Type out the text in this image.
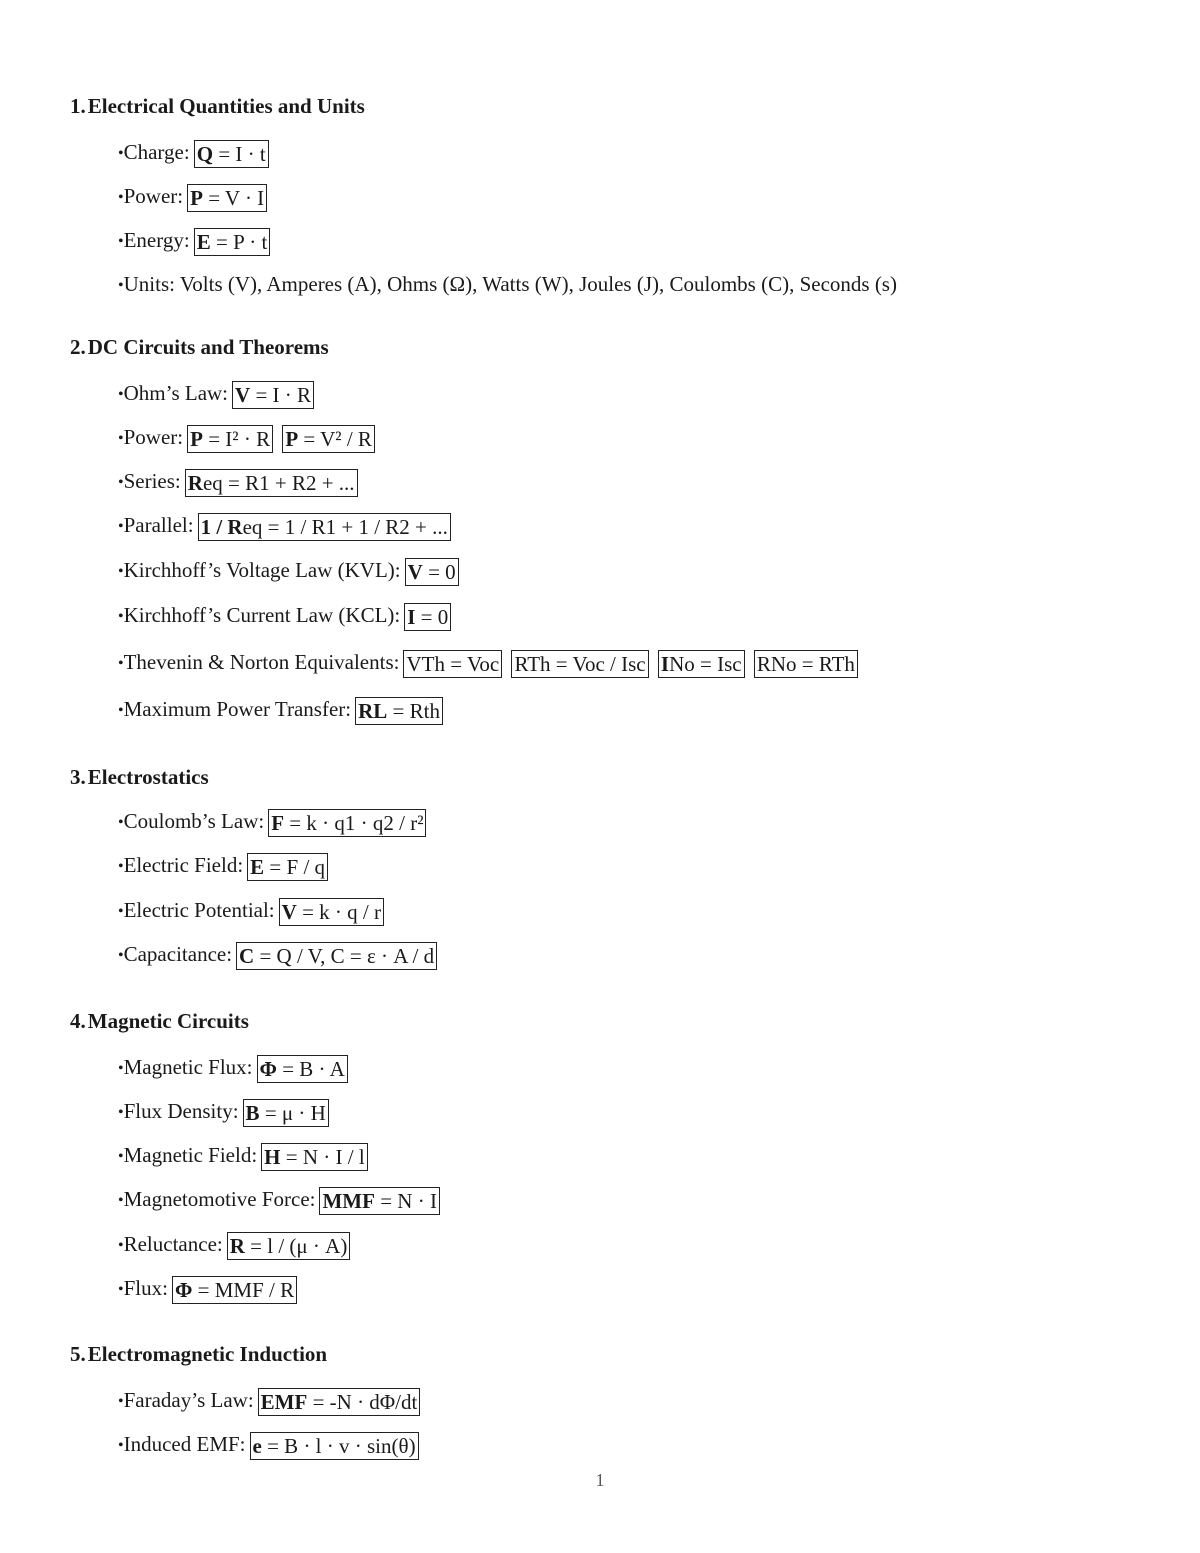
1.Electrical Quantities and Units
•Charge: Q = I · t
•Power: P = V · I
•Energy: E = P · t
•Units: Volts (V), Amperes (A), Ohms (Ω), Watts (W), Joules (J), Coulombs (C), Seconds (s)
2.DC Circuits and Theorems
•Ohm’s Law: V = I · R
•Power: P = I² · R P = V² / R
•Series: Req = R1 + R2 + ...
•Parallel: 1 / Req = 1 / R1 + 1 / R2 + ...
•Kirchhoff’s Voltage Law (KVL): V = 0
•Kirchhoff’s Current Law (KCL): I = 0
•Thevenin & Norton Equivalents: VTh = Voc RTh = Voc / Isc INo = Isc RNo = RTh
•Maximum Power Transfer: RL = Rth
3.Electrostatics
•Coulomb’s Law: F = k · q1 · q2 / r²
•Electric Field: E = F / q
•Electric Potential: V = k · q / r
•Capacitance: C = Q / V, C = ε · A / d
4.Magnetic Circuits
•Magnetic Flux: Φ = B · A
•Flux Density: B = μ · H
•Magnetic Field: H = N · I / l
•Magnetomotive Force: MMF = N · I
•Reluctance: R = l / (μ · A)
•Flux: Φ = MMF / R
5.Electromagnetic Induction
•Faraday’s Law: EMF = -N · dΦ/dt
•Induced EMF: e = B · l · v · sin(θ)
1
